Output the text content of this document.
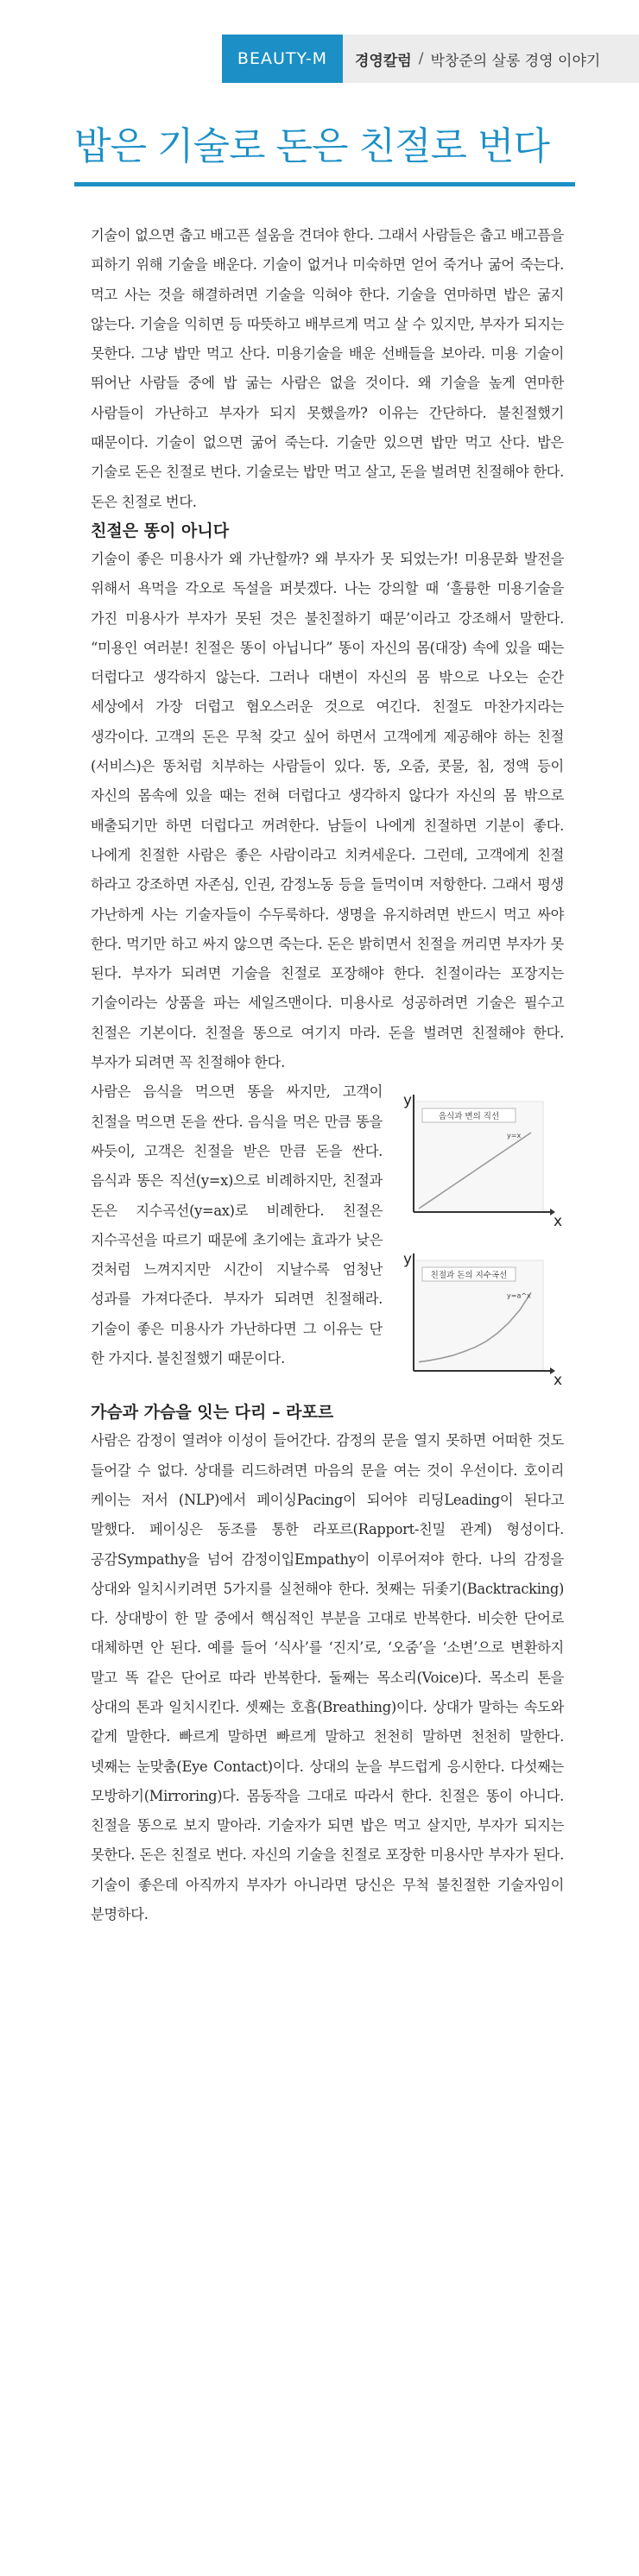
BEAUTY-M 경영칼럼 / 박창준의 살롱 경영 이야기
밥은 기술로 돈은 친절로 번다

기술이 없으면 춥고 배고픈 설움을 견뎌야 한다. 그래서 사람들은 춥고 배고픔을 피하기 위해 기술을 배운다. 기술이 없거나 미숙하면 얻어 죽거나 굶어 죽는다. 먹고 사는 것을 해결하려면 기술을 익혀야 한다. 기술을 연마하면 밥은 굶지 않는다. 기술을 익히면 등 따뜻하고 배부르게 먹고 살 수 있지만, 부자가 되지는 못한다. 그냥 밥만 먹고 산다. 미용기술을 배운 선배들을 보아라. 미용 기술이 뛰어난 사람들 중에 밥 굶는 사람은 없을 것이다. 왜 기술을 높게 연마한 사람들이 가난하고 부자가 되지 못했을까? 이유는 간단하다. 불친절했기 때문이다. 기술이 없으면 굶어 죽는다. 기술만 있으면 밥만 먹고 산다. 밥은 기술로 돈은 친절로 번다. 기술로는 밥만 먹고 살고, 돈을 벌려면 친절해야 한다. 돈은 친절로 번다.

친절은 똥이 아니다

기술이 좋은 미용사가 왜 가난할까? 왜 부자가 못 되었는가! 미용문화 발전을 위해서 욕먹을 각오로 독설을 퍼붓겠다. 나는 강의할 때 ‘훌륭한 미용기술을 가진 미용사가 부자가 못된 것은 불친절하기 때문’이라고 강조해서 말한다. “미용인 여러분! 친절은 똥이 아닙니다” 똥이 자신의 몸(대장) 속에 있을 때는 더럽다고 생각하지 않는다. 그러나 대변이 자신의 몸 밖으로 나오는 순간 세상에서 가장 더럽고 혐오스러운 것으로 여긴다. 친절도 마찬가지라는 생각이다. 고객의 돈은 무척 갖고 싶어 하면서 고객에게 제공해야 하는 친절(서비스)은 똥처럼 치부하는 사람들이 있다. 똥, 오줌, 콧물, 침, 정액 등이 자신의 몸속에 있을 때는 전혀 더럽다고 생각하지 않다가 자신의 몸 밖으로 배출되기만 하면 더럽다고 꺼려한다. 남들이 나에게 친절하면 기분이 좋다. 나에게 친절한 사람은 좋은 사람이라고 치켜세운다. 그런데, 고객에게 친절 하라고 강조하면 자존심, 인권, 감정노동 등을 들먹이며 저항한다. 그래서 평생 가난하게 사는 기술자들이 수두룩하다. 생명을 유지하려면 반드시 먹고 싸야 한다. 먹기만 하고 싸지 않으면 죽는다. 돈은 밝히면서 친절을 꺼리면 부자가 못 된다. 부자가 되려면 기술을 친절로 포장해야 한다. 친절이라는 포장지는 기술이라는 상품을 파는 세일즈맨이다. 미용사로 성공하려면 기술은 필수고 친절은 기본이다. 친절을 똥으로 여기지 마라. 돈을 벌려면 친절해야 한다. 부자가 되려면 꼭 친절해야 한다.

y
x
음식과 변의 직선
y=x
y
x
친절과 돈의 지수곡선
y=a^x

사람은 음식을 먹으면 똥을 싸지만, 고객이 친절을 먹으면 돈을 싼다. 음식을 먹은 만큼 똥을 싸듯이, 고객은 친절을 받은 만큼 돈을 싼다. 음식과 똥은 직선(y=x)으로 비례하지만, 친절과 돈은 지수곡선(y=ax)로 비례한다. 친절은 지수곡선을 따르기 때문에 초기에는 효과가 낮은 것처럼 느껴지지만 시간이 지날수록 엄청난 성과를 가져다준다. 부자가 되려면 친절해라. 기술이 좋은 미용사가 가난하다면 그 이유는 단 한 가지다. 불친절했기 때문이다.

가슴과 가슴을 잇는 다리 – 라포르

사람은 감정이 열려야 이성이 들어간다. 감정의 문을 열지 못하면 어떠한 것도 들어갈 수 없다. 상대를 리드하려면 마음의 문을 여는 것이 우선이다. 호이리 케이는 저서 (NLP)에서 페이싱Pacing이 되어야 리딩Leading이 된다고 말했다. 페이싱은 동조를 통한 라포르(Rapport-친밀 관계) 형성이다. 공감Sympathy을 넘어 감정이입Empathy이 이루어져야 한다. 나의 감정을 상대와 일치시키려면 5가지를 실천해야 한다. 첫째는 뒤좇기(Backtracking)다. 상대방이 한 말 중에서 핵심적인 부분을 고대로 반복한다. 비슷한 단어로 대체하면 안 된다. 예를 들어 ‘식사’를 ‘진지’로, ‘오줌’을 ‘소변’으로 변환하지 말고 똑 같은 단어로 따라 반복한다. 둘째는 목소리(Voice)다. 목소리 톤을 상대의 톤과 일치시킨다. 셋째는 호흡(Breathing)이다. 상대가 말하는 속도와 같게 말한다. 빠르게 말하면 빠르게 말하고 천천히 말하면 천천히 말한다. 넷째는 눈맞춤(Eye Contact)이다. 상대의 눈을 부드럽게 응시한다. 다섯째는 모방하기(Mirroring)다. 몸동작을 그대로 따라서 한다. 친절은 똥이 아니다. 친절을 똥으로 보지 말아라. 기술자가 되면 밥은 먹고 살지만, 부자가 되지는 못한다. 돈은 친절로 번다. 자신의 기술을 친절로 포장한 미용사만 부자가 된다. 기술이 좋은데 아직까지 부자가 아니라면 당신은 무척 불친절한 기술자임이 분명하다.
